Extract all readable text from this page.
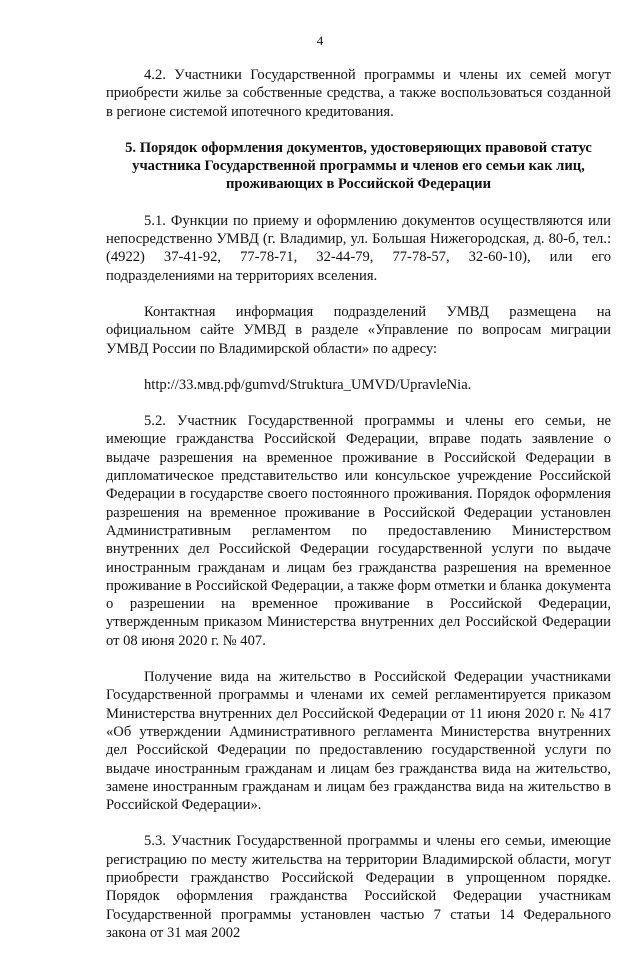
4

4.2. Участники Государственной программы и члены их семей могут приобрести жилье за собственные средства, а также воспользоваться созданной в регионе системой ипотечного кредитования.

5. Порядок оформления документов, удостоверяющих правовой статус участника Государственной программы и членов его семьи как лиц, проживающих в Российской Федерации

5.1. Функции по приему и оформлению документов осуществляются или непосредственно УМВД (г. Владимир, ул. Большая Нижегородская, д. 80-б, тел.: (4922) 37-41-92, 77-78-71, 32-44-79, 77-78-57, 32-60-10), или его подразделениями на территориях вселения.

Контактная информация подразделений УМВД размещена на официальном сайте УМВД в разделе «Управление по вопросам миграции УМВД России по Владимирской области» по адресу:

http://33.мвд.рф/gumvd/Struktura_UMVD/UpravleNia.

5.2. Участник Государственной программы и члены его семьи, не имеющие гражданства Российской Федерации, вправе подать заявление о выдаче разрешения на временное проживание в Российской Федерации в дипломатическое представительство или консульское учреждение Российской Федерации в государстве своего постоянного проживания. Порядок оформления разрешения на временное проживание в Российской Федерации установлен Административным регламентом по предоставлению Министерством внутренних дел Российской Федерации государственной услуги по выдаче иностранным гражданам и лицам без гражданства разрешения на временное проживание в Российской Федерации, а также форм отметки и бланка документа о разрешении на временное проживание в Российской Федерации, утвержденным приказом Министерства внутренних дел Российской Федерации от 08 июня 2020 г. № 407.

Получение вида на жительство в Российской Федерации участниками Государственной программы и членами их семей регламентируется приказом Министерства внутренних дел Российской Федерации от 11 июня 2020 г. № 417 «Об утверждении Административного регламента Министерства внутренних дел Российской Федерации по предоставлению государственной услуги по выдаче иностранным гражданам и лицам без гражданства вида на жительство, замене иностранным гражданам и лицам без гражданства вида на жительство в Российской Федерации».

5.3. Участник Государственной программы и члены его семьи, имеющие регистрацию по месту жительства на территории Владимирской области, могут приобрести гражданство Российской Федерации в упрощенном порядке. Порядок оформления гражданства Российской Федерации участникам Государственной программы установлен частью 7 статьи 14 Федерального закона от 31 мая 2002
